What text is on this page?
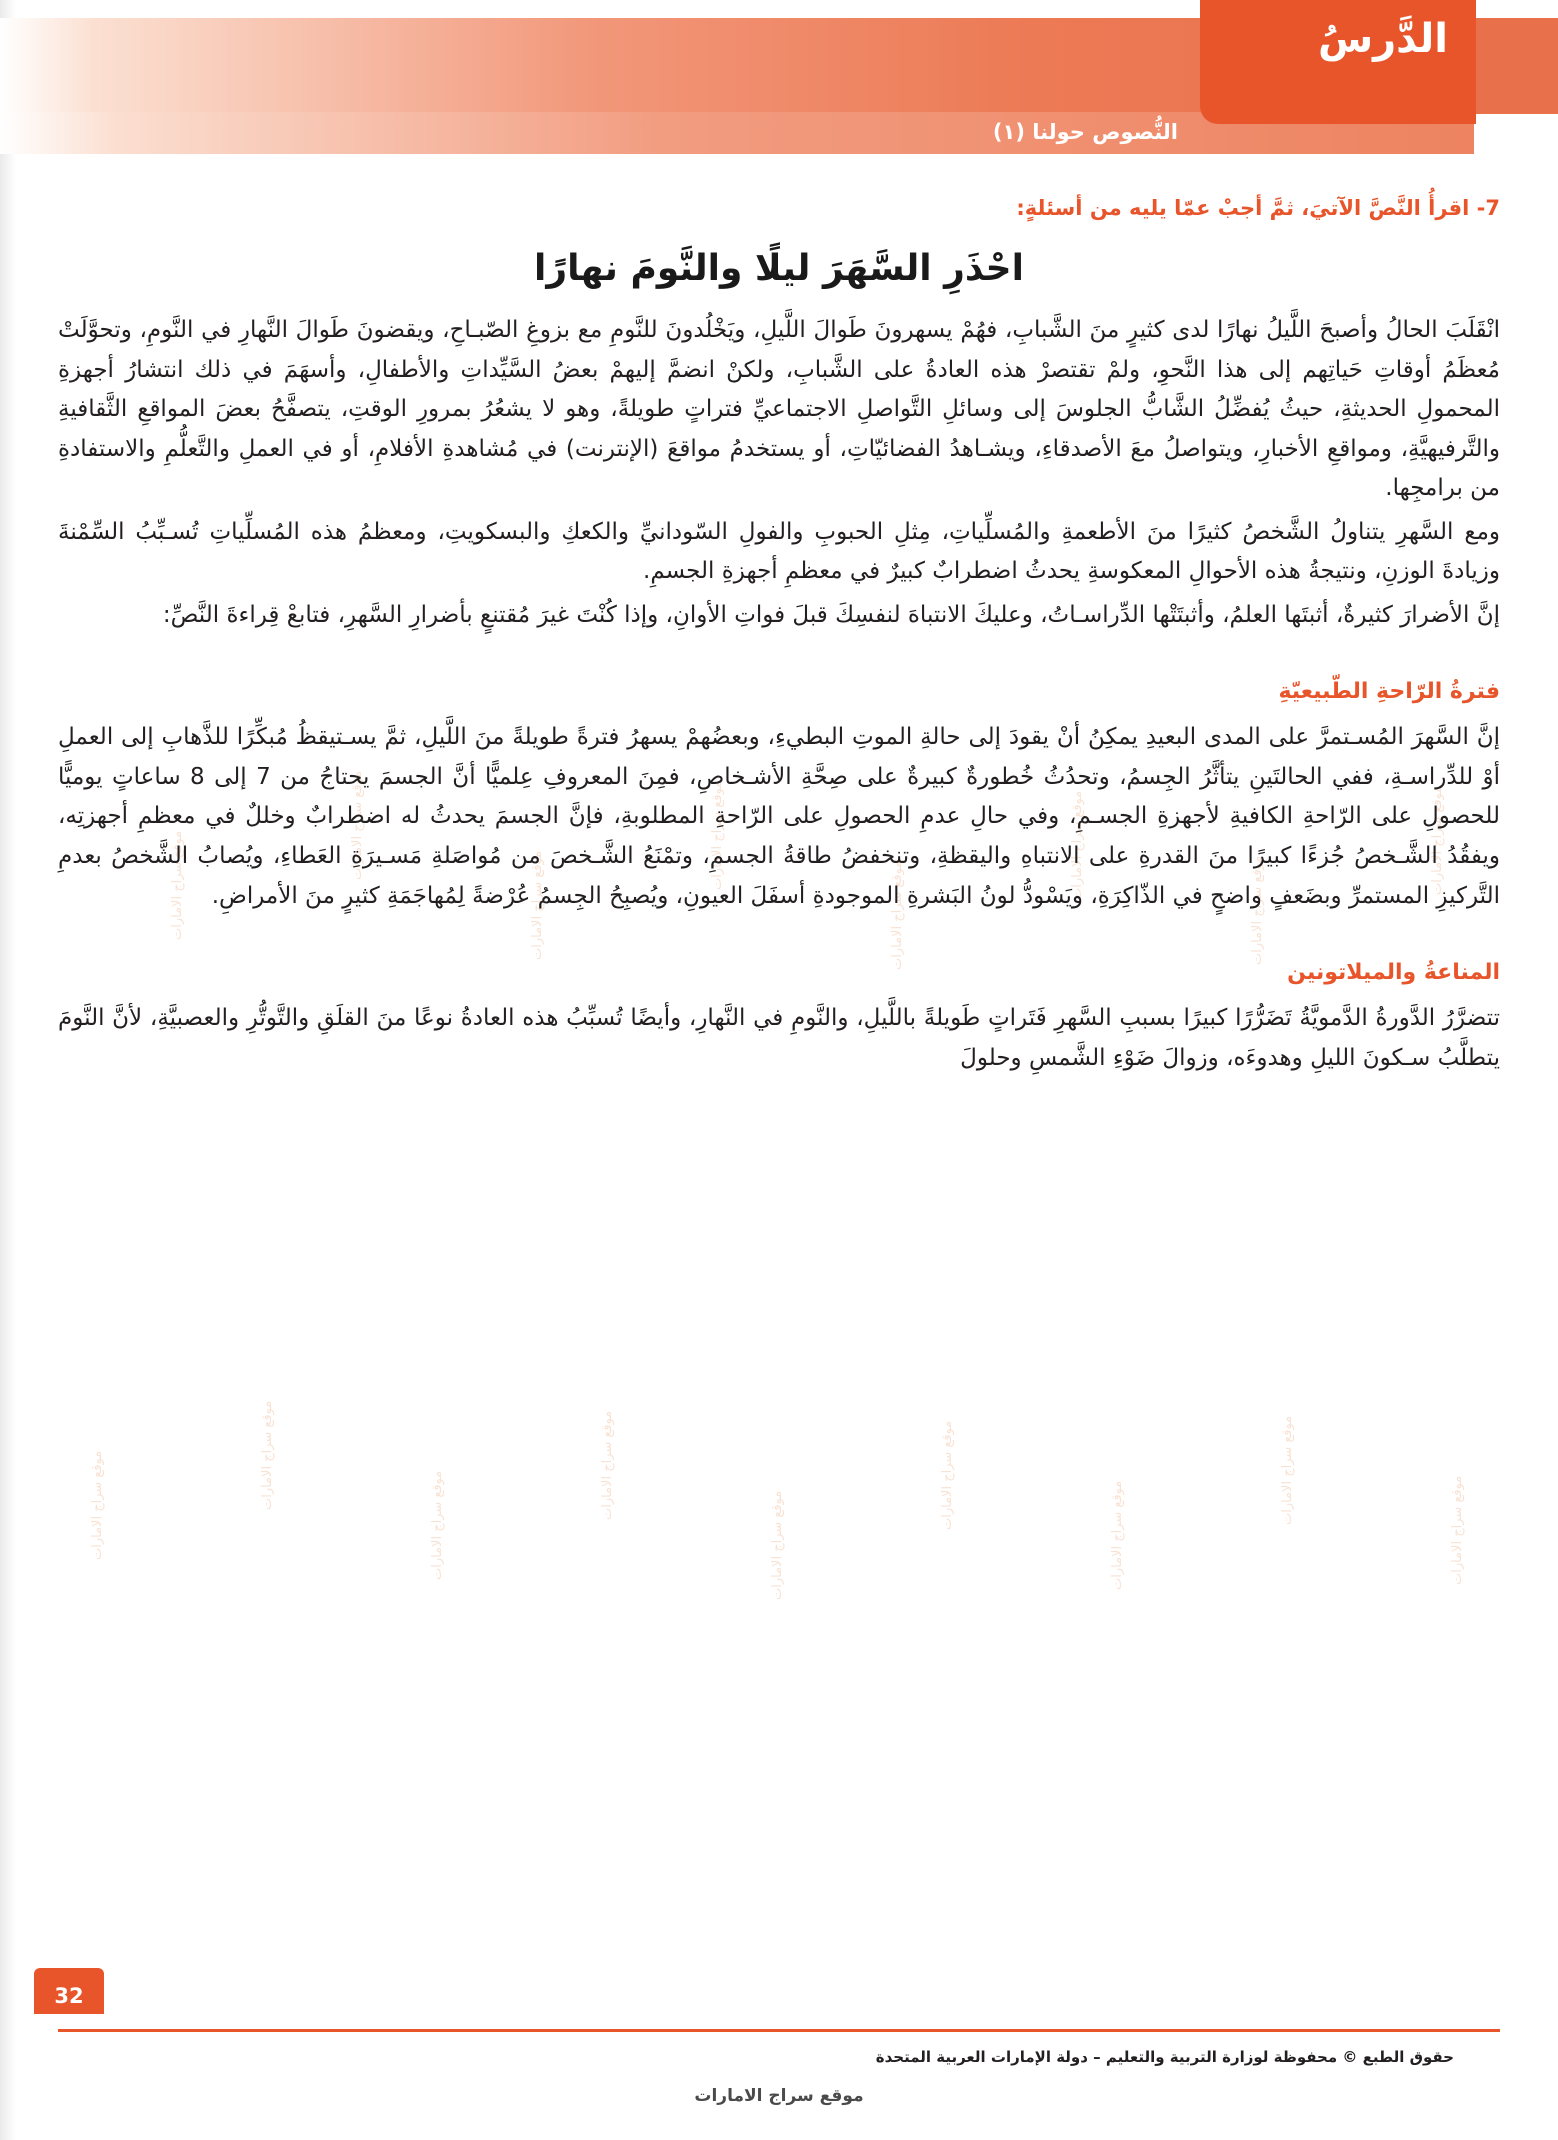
الدَّرسُ
النُّصوص حولنا (١)
موقع سراج الامارات	موقع سراج الامارات
موقع سراج الامارات
موقع سراج الامارات
موقع سراج الامارات
موقع سراج الامارات
موقع سراج الامارات
موقع سراج الامارات
موقع سراج الامارات
موقع سراج الامارات
موقع سراج الامارات
موقع سراج الامارات
موقع سراج الامارات
موقع سراج الامارات
موقع سراج الامارات
موقع سراج الامارات
موقع سراج الامارات
7- اقرأُ النَّصَّ الآتيَ، ثمَّ أجبْ عمّا يليه من أسئلةٍ:
احْذَرِ السَّهَرَ ليلًا والنَّومَ نهارًا

انْقَلَبَ الحالُ وأصبحَ اللَّيلُ نهارًا لدى كثيرٍ منَ الشَّبابِ، فهُمْ يسهرونَ طَوالَ اللَّيلِ، ويَخْلُدونَ للنَّومِ مع بزوغِ الصّبـاحِ، ويقضونَ طَوالَ النَّهارِ في النَّومِ، وتحوَّلَتْ مُعظَمُ أوقاتِ حَياتِهم إلى هذا النَّحوِ، ولمْ تقتصرْ هذه العادةُ على الشَّبابِ، ولكنْ انضمَّ إليهمْ بعضُ السَّيِّداتِ والأطفالِ، وأسهَمَ في ذلك انتشارُ أجهزةِ المحمولِ الحديثةِ، حيثُ يُفضِّلُ الشَّابُّ الجلوسَ إلى وسائلِ التَّواصلِ الاجتماعيِّ فتراتٍ طويلةً، وهو لا يشعُرُ بمرورِ الوقتِ، يتصفَّحُ بعضَ المواقعِ الثَّقافيةِ والتَّرفيهيَّةِ، ومواقعِ الأخبارِ، ويتواصلُ معَ الأصدقاءِ، ويشـاهدُ الفضائيّاتِ، أو يستخدمُ مواقعَ (الإنترنت) في مُشاهدةِ الأفلامِ، أو في العملِ والتَّعلُّمِ والاستفادةِ من برامجِها.

ومع السَّهرِ يتناولُ الشَّخصُ كثيرًا منَ الأطعمةِ والمُسلِّياتِ، مِثلِ الحبوبِ والفولِ السّودانيِّ والكعكِ والبسكويتِ، ومعظمُ هذه المُسلِّياتِ تُسـبِّبُ السِّمْنةَ وزيادةَ الوزنِ، ونتيجةُ هذه الأحوالِ المعكوسةِ يحدثُ اضطرابٌ كبيرٌ في معظمِ أجهزةِ الجسمِ.

إنَّ الأضرارَ كثيرةٌ، أثبتَها العلمُ، وأثبتَتْها الدِّراسـاتُ، وعليكَ الانتباهَ لنفسِكَ قبلَ فواتِ الأوانِ، وإذا كُنْتَ غيرَ مُقتنعٍ بأضرارِ السَّهرِ، فتابعْ قِراءةَ النَّصِّ:

فترةُ الرّاحةِ الطّبيعيّةِ

إنَّ السَّهرَ المُسـتمرَّ على المدى البعيدِ يمكِنُ أنْ يقودَ إلى حالةِ الموتِ البطيءِ، وبعضُهمْ يسهرُ فترةً طويلةً منَ اللَّيلِ، ثمَّ يسـتيقظُ مُبكِّرًا للذَّهابِ إلى العملِ أوْ للدِّراسـةِ، ففي الحالتَينِ يتأثَّرُ الجِسمُ، وتحدُثُ خُطورةٌ كبيرةٌ على صِحَّةِ الأشـخاصِ، فمِنَ المعروفِ عِلميًّا أنَّ الجسمَ يحتاجُ من 7 إلى 8 ساعاتٍ يوميًّا للحصولِ على الرّاحةِ الكافيةِ لأجهزةِ الجسـمِ، وفي حالِ عدمِ الحصولِ على الرّاحةِ المطلوبةِ، فإنَّ الجسمَ يحدثُ له اضطرابٌ وخللٌ في معظمِ أجهزتِه، ويفقُدُ الشَّـخصُ جُزءًا كبيرًا منَ القدرةِ على الانتباهِ واليقظةِ، وتنخفضُ طاقةُ الجسمِ، وتمْنَعُ الشَّـخصَ من مُواصَلةِ مَسـيرَةِ العَطاءِ، ويُصابُ الشَّخصُ بعدمِ التَّركيزِ المستمرِّ وبضَعفٍ واضحٍ في الذّاكِرَةِ، ويَسْودُّ لونُ البَشرةِ الموجودةِ أسفَلَ العيونِ، ويُصبِحُ الجِسمُ عُرْضةً لِمُهاجَمَةِ كثيرٍ منَ الأمراضِ.

المناعةُ والميلاتونين

تتضرَّرُ الدَّورةُ الدَّمويَّةُ تَضَرُّرًا كبيرًا بسببِ السَّهرِ فَتَراتٍ طَويلةً باللَّيلِ، والنَّومِ في النَّهارِ، وأيضًا تُسبِّبُ هذه العادةُ نوعًا منَ القلَقِ والتَّوتُّرِ والعصبيَّةِ، لأنَّ النَّومَ يتطلَّبُ سـكونَ الليلِ وهدوءَه، وزوالَ ضَوْءِ الشَّمسِ وحلولَ

32
حقوق الطبع © محفوظة لوزارة التربية والتعليم – دولة الإمارات العربية المتحدة
موقع سراج الامارات
